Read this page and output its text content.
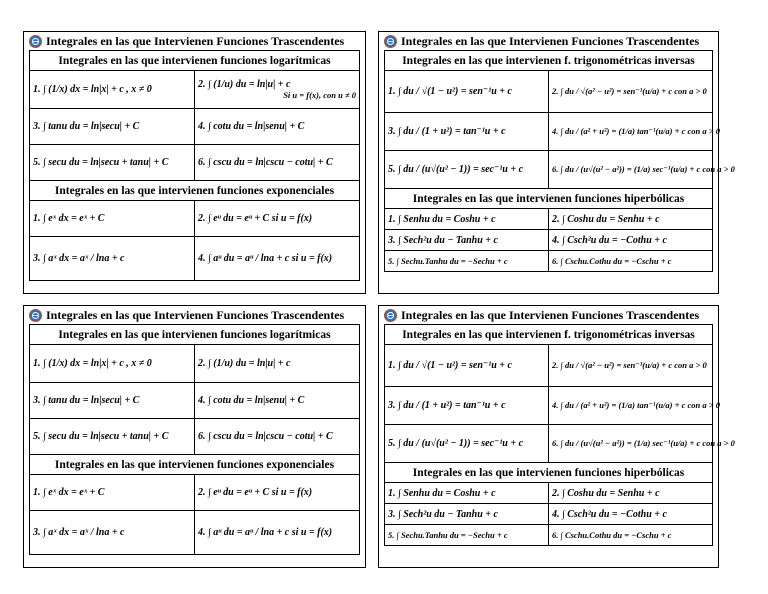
Integrales en las que Intervienen Funciones Trascendentes
Integrales en las que intervienen funciones logarítmicas	
1. ∫ (1/x) dx = ln|x| + c , x ≠ 0	2. ∫ (1/u) du = ln|u| + c
Si u = f(x), con u ≠ 0

3. ∫ tanu du = ln|secu| + C	4. ∫ cotu du = ln|senu| + C
5. ∫ secu du = ln|secu + tanu| + C	6. ∫ cscu du = ln|cscu − cotu| + C
Integrales en las que intervienen funciones exponenciales	
1. ∫ eˣ dx = eˣ + C	2. ∫ eᵘ du = eᵘ + C si u = f(x)
3. ∫ aˣ dx = aˣ / lna + c	4. ∫ aᵘ du = aᵘ / lna + c si u = f(x)
Integrales en las que Intervienen Funciones Trascendentes
Integrales en las que intervienen f. trigonométricas inversas	
1. ∫ du / √(1 − u²) = sen⁻¹u + c	2. ∫ du / √(a² − u²) = sen⁻¹(u/a) + c con a > 0
3. ∫ du / (1 + u²) = tan⁻¹u + c	4. ∫ du / (a² + u²) = (1/a) tan⁻¹(u/a) + c con a > 0
5. ∫ du / (u√(u² − 1)) = sec⁻¹u + c	6. ∫ du / (u√(u² − a²)) = (1/a) sec⁻¹(u/a) + c con a > 0
Integrales en las que intervienen funciones hiperbólicas	
1. ∫ Senhu du = Coshu + c	2. ∫ Coshu du = Senhu + c
3. ∫ Sech²u du − Tanhu + c	4. ∫ Csch²u du = −Cothu + c
5. ∫ Sechu.Tanhu du = −Sechu + c	6. ∫ Cschu.Cothu du = −Cschu + c
Integrales en las que Intervienen Funciones Trascendentes
Integrales en las que intervienen funciones logarítmicas	
1. ∫ (1/x) dx = ln|x| + c , x ≠ 0	2. ∫ (1/u) du = ln|u| + c
3. ∫ tanu du = ln|secu| + C	4. ∫ cotu du = ln|senu| + C
5. ∫ secu du = ln|secu + tanu| + C	6. ∫ cscu du = ln|cscu − cotu| + C
Integrales en las que intervienen funciones exponenciales	
1. ∫ eˣ dx = eˣ + C	2. ∫ eᵘ du = eᵘ + C si u = f(x)
3. ∫ aˣ dx = aˣ / lna + c	4. ∫ aᵘ du = aᵘ / lna + c si u = f(x)
Integrales en las que Intervienen Funciones Trascendentes
Integrales en las que intervienen f. trigonométricas inversas	
1. ∫ du / √(1 − u²) = sen⁻¹u + c	2. ∫ du / √(a² − u²) = sen⁻¹(u/a) + c con a > 0
3. ∫ du / (1 + u²) = tan⁻¹u + c	4. ∫ du / (a² + u²) = (1/a) tan⁻¹(u/a) + c con a > 0
5. ∫ du / (u√(u² − 1)) = sec⁻¹u + c	6. ∫ du / (u√(u² − a²)) = (1/a) sec⁻¹(u/a) + c con a > 0
Integrales en las que intervienen funciones hiperbólicas	
1. ∫ Senhu du = Coshu + c	2. ∫ Coshu du = Senhu + c
3. ∫ Sech²u du − Tanhu + c	4. ∫ Csch²u du = −Cothu + c
5. ∫ Sechu.Tanhu du = −Sechu + c	6. ∫ Cschu.Cothu du = −Cschu + c
